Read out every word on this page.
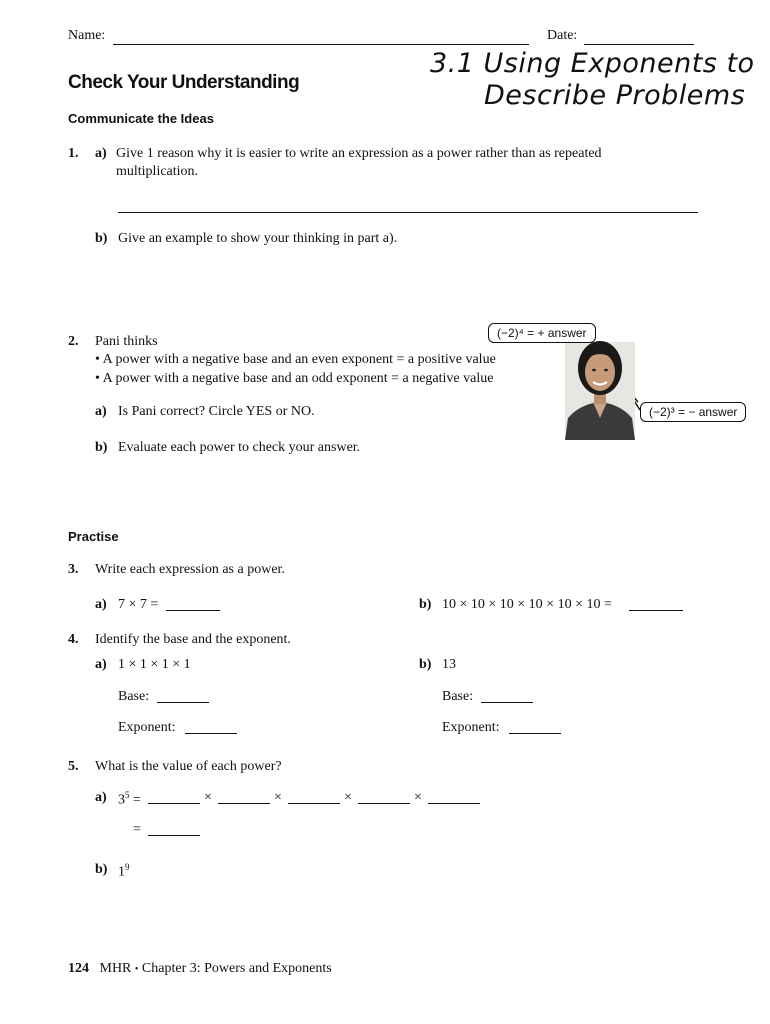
Name:	Date:
3.1 Using Exponents to
Describe Problems
Check Your Understanding
Communicate the Ideas
1. a) Give 1 reason why it is easier to write an expression as a power rather than as repeated
multiplication.
b) Give an example to show your thinking in part a).
2. Pani thinks
• A power with a negative base and an even exponent = a positive value
• A power with a negative base and an odd exponent = a negative value
a) Is Pani correct? Circle YES or NO.
b) Evaluate each power to check your answer.
(−2)⁴ = + answer
(−2)³ = − answer
Practise
3. Write each expression as a power.
a) 7 × 7 =	b) 10 × 10 × 10 × 10 × 10 × 10 =
4. Identify the base and the exponent.
a) 1 × 1 × 1 × 1	b) 13
Base:	Base:
Exponent:	Exponent:
5. What is the value of each power?
a) $3^5$ =	×	×	×	×
=
b) $1^9$
124 MHR • Chapter 3: Powers and Exponents
